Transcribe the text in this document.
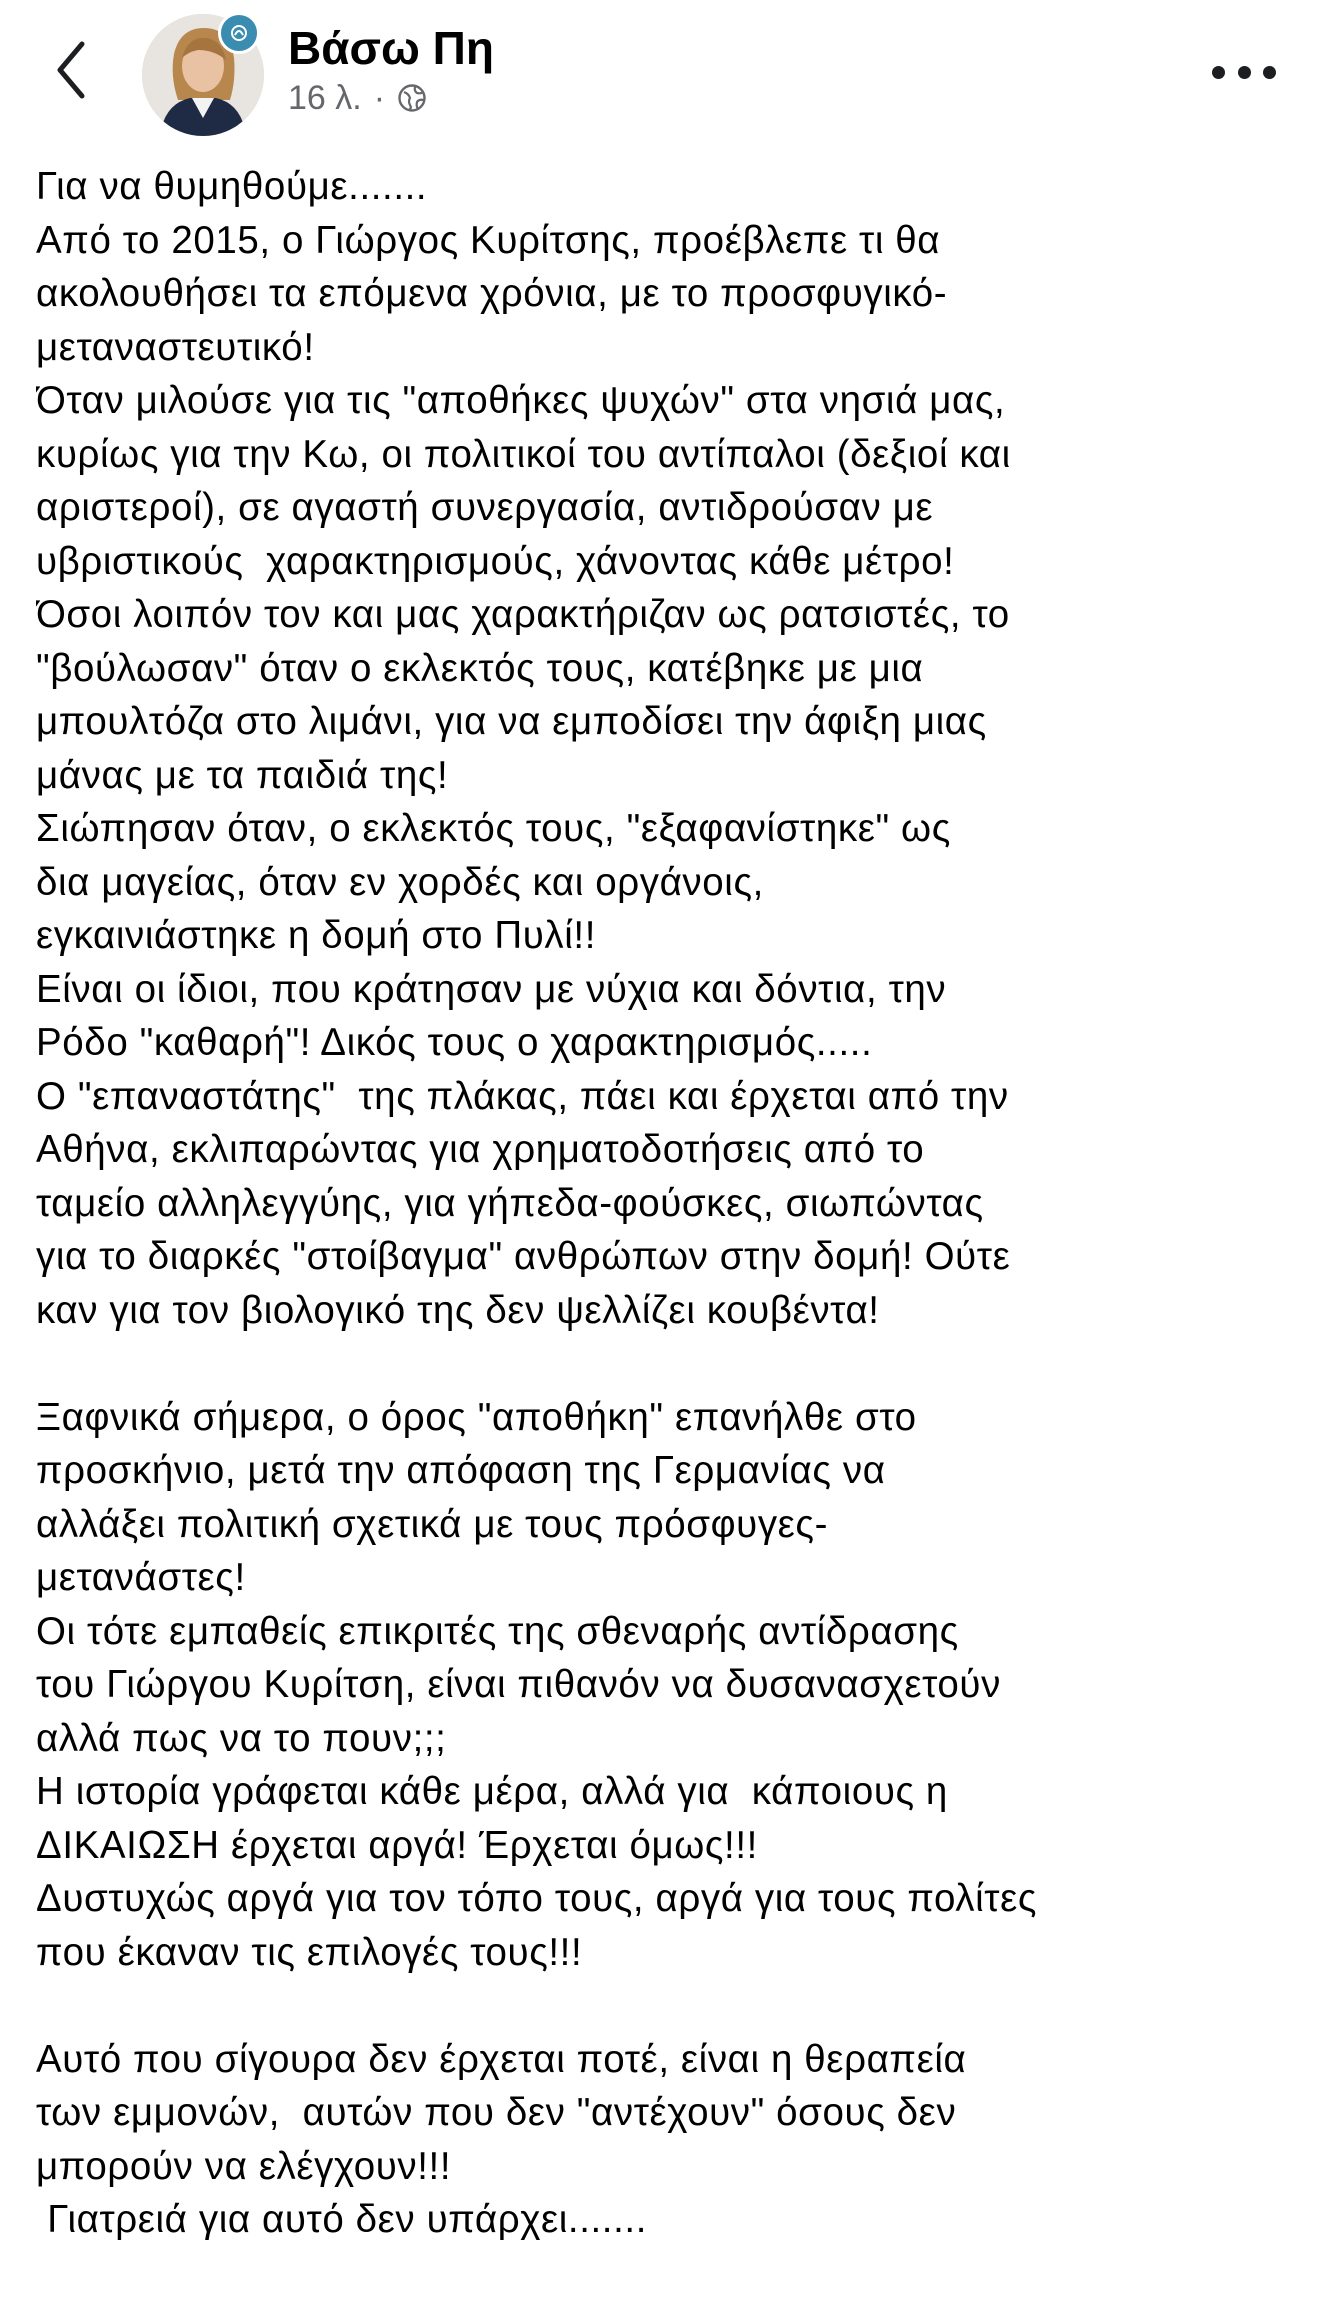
Βάσω Πη
16 λ. ·
Για να θυμηθούμε.......
Από το 2015, ο Γιώργος Κυρίτσης, προέβλεπε τι θα
ακολουθήσει τα επόμενα χρόνια, με το προσφυγικό-
μεταναστευτικό!
Όταν μιλούσε για τις "αποθήκες ψυχών" στα νησιά μας,
κυρίως για την Κω, οι πολιτικοί του αντίπαλοι (δεξιοί και
αριστεροί), σε αγαστή συνεργασία, αντιδρούσαν με
υβριστικούς  χαρακτηρισμούς, χάνοντας κάθε μέτρο!
Όσοι λοιπόν τον και μας χαρακτήριζαν ως ρατσιστές, το
"βούλωσαν" όταν ο εκλεκτός τους, κατέβηκε με μια
μπουλτόζα στο λιμάνι, για να εμποδίσει την άφιξη μιας
μάνας με τα παιδιά της!
Σιώπησαν όταν, ο εκλεκτός τους, "εξαφανίστηκε" ως
δια μαγείας, όταν εν χορδές και οργάνοις,
εγκαινιάστηκε η δομή στο Πυλί!!
Είναι οι ίδιοι, που κράτησαν με νύχια και δόντια, την
Ρόδο "καθαρή"! Δικός τους ο χαρακτηρισμός.....
Ο "επαναστάτης"  της πλάκας, πάει και έρχεται από την
Αθήνα, εκλιπαρώντας για χρηματοδοτήσεις από το
ταμείο αλληλεγγύης, για γήπεδα-φούσκες, σιωπώντας
για το διαρκές "στοίβαγμα" ανθρώπων στην δομή! Ούτε
καν για τον βιολογικό της δεν ψελλίζει κουβέντα!
Ξαφνικά σήμερα, ο όρος "αποθήκη" επανήλθε στο
προσκήνιο, μετά την απόφαση της Γερμανίας να
αλλάξει πολιτική σχετικά με τους πρόσφυγες-
μετανάστες!
Οι τότε εμπαθείς επικριτές της σθεναρής αντίδρασης
του Γιώργου Κυρίτση, είναι πιθανόν να δυσανασχετούν
αλλά πως να το πουν;;;
Η ιστορία γράφεται κάθε μέρα, αλλά για  κάποιους η
ΔΙΚΑΙΩΣΗ έρχεται αργά! Έρχεται όμως!!!
Δυστυχώς αργά για τον τόπο τους, αργά για τους πολίτες
που έκαναν τις επιλογές τους!!!
Αυτό που σίγουρα δεν έρχεται ποτέ, είναι η θεραπεία
των εμμονών,  αυτών που δεν "αντέχουν" όσους δεν
μπορούν να ελέγχουν!!!
Γιατρειά για αυτό δεν υπάρχει.......
